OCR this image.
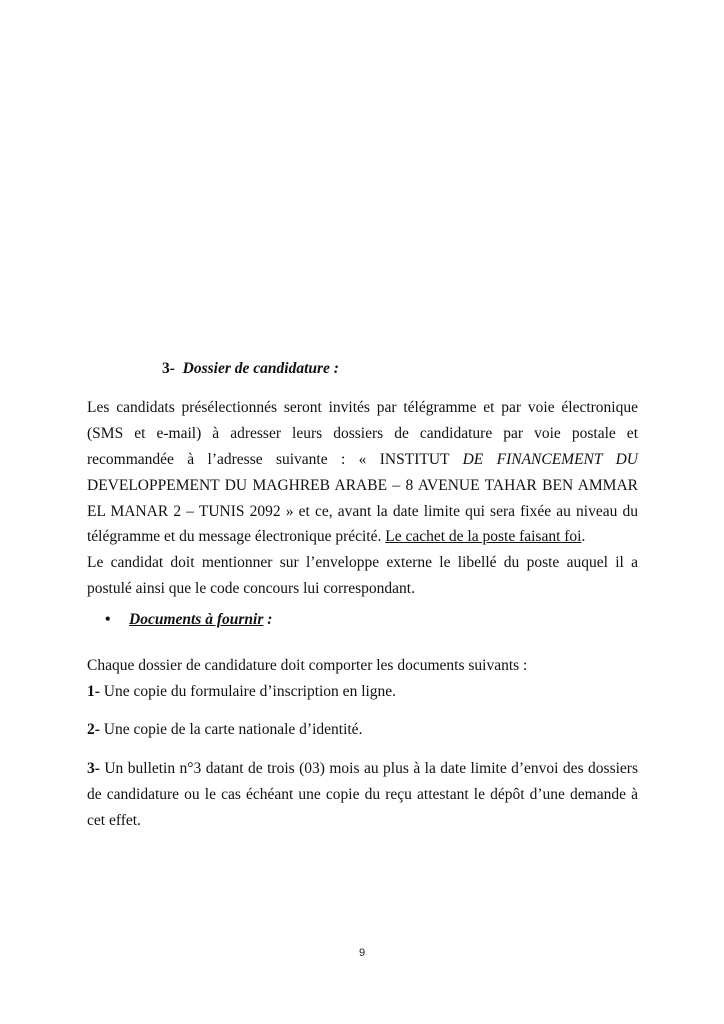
3- Dossier de candidature :
Les candidats présélectionnés seront invités par télégramme et par voie électronique
(SMS et e-mail) à adresser leurs dossiers de candidature par voie postale et
recommandée à l’adresse suivante : « INSTITUT DE FINANCEMENT DU
DEVELOPPEMENT DU MAGHREB ARABE – 8 AVENUE TAHAR BEN AMMAR
EL MANAR 2 – TUNIS 2092 » et ce, avant la date limite qui sera fixée au niveau du
télégramme et du message électronique précité. Le cachet de la poste faisant foi.
Le candidat doit mentionner sur l’enveloppe externe le libellé du poste auquel il a
postulé ainsi que le code concours lui correspondant.
• Documents à fournir :
Chaque dossier de candidature doit comporter les documents suivants :
1- Une copie du formulaire d’inscription en ligne.
2- Une copie de la carte nationale d’identité.
3- Un bulletin n°3 datant de trois (03) mois au plus à la date limite d’envoi des dossiers
de candidature ou le cas échéant une copie du reçu attestant le dépôt d’une demande à
cet effet.
9
